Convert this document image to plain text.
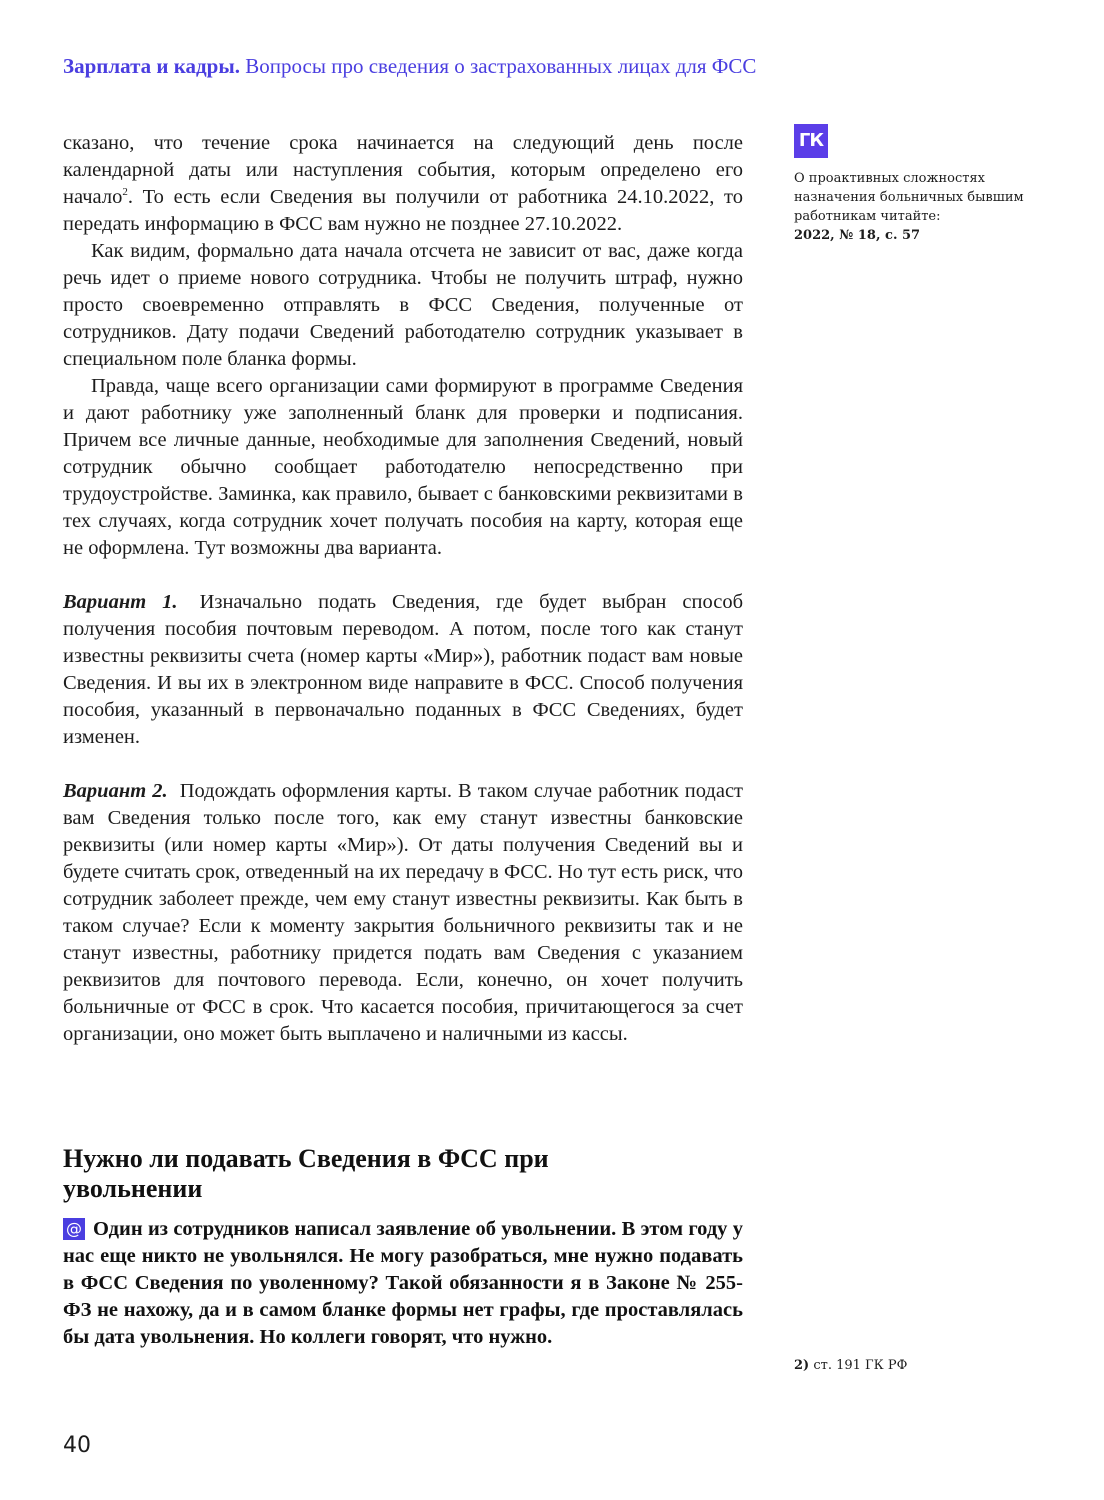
Зарплата и кадры. Вопросы про сведения о застрахованных лицах для ФСС

сказано, что течение срока начинается на следующий день после календарной даты или наступления события, которым определено его начало$^2$. То есть если Сведения вы получили от работника 24.10.2022, то передать информацию в ФСС вам нужно не позднее 27.10.2022.

Как видим, формально дата начала отсчета не зависит от вас, даже когда речь идет о приеме нового сотрудника. Чтобы не получить штраф, нужно просто своевременно отправлять в ФСС Сведения, полученные от сотрудников. Дату подачи Сведений работодателю сотрудник указывает в специальном поле бланка формы.

Правда, чаще всего организации сами формируют в программе Сведения и дают работнику уже заполненный бланк для проверки и подписания. Причем все личные данные, необходимые для заполнения Сведений, новый сотрудник обычно сообщает работодателю непосредственно при трудоустройстве. Заминка, как правило, бывает с банковскими реквизитами в тех случаях, когда сотрудник хочет получать пособия на карту, которая еще не оформлена. Тут возможны два варианта.

Вариант 1. Изначально подать Сведения, где будет выбран способ получения пособия почтовым переводом. А потом, после того как станут известны реквизиты счета (номер карты «Мир»), работник подаст вам новые Сведения. И вы их в электронном виде направите в ФСС. Способ получения пособия, указанный в первоначально поданных в ФСС Сведениях, будет изменен.

Вариант 2. Подождать оформления карты. В таком случае работник подаст вам Сведения только после того, как ему станут известны банковские реквизиты (или номер карты «Мир»). От даты получения Сведений вы и будете считать срок, отведенный на их передачу в ФСС. Но тут есть риск, что сотрудник заболеет прежде, чем ему станут известны реквизиты. Как быть в таком случае? Если к моменту закрытия больничного реквизиты так и не станут известны, работнику придется подать вам Сведения с указанием реквизитов для почтового перевода. Если, конечно, он хочет получить больничные от ФСС в срок. Что касается пособия, причитающегося за счет организации, оно может быть выплачено и наличными из кассы.

Нужно ли подавать Сведения в ФСС при увольнении
@ Один из сотрудников написал заявление об увольнении. В этом году у нас еще никто не увольнялся. Не могу разобраться, мне нужно подавать в ФСС Сведения по уволенному? Такой обязанности я в Законе № 255-ФЗ не нахожу, да и в самом бланке формы нет графы, где проставлялась бы дата увольнения. Но коллеги говорят, что нужно.
ГК
О проактивных сложностях назначения больничных бывшим работникам читайте:
2022, № 18, с. 57
2) ст. 191 ГК РФ
40
